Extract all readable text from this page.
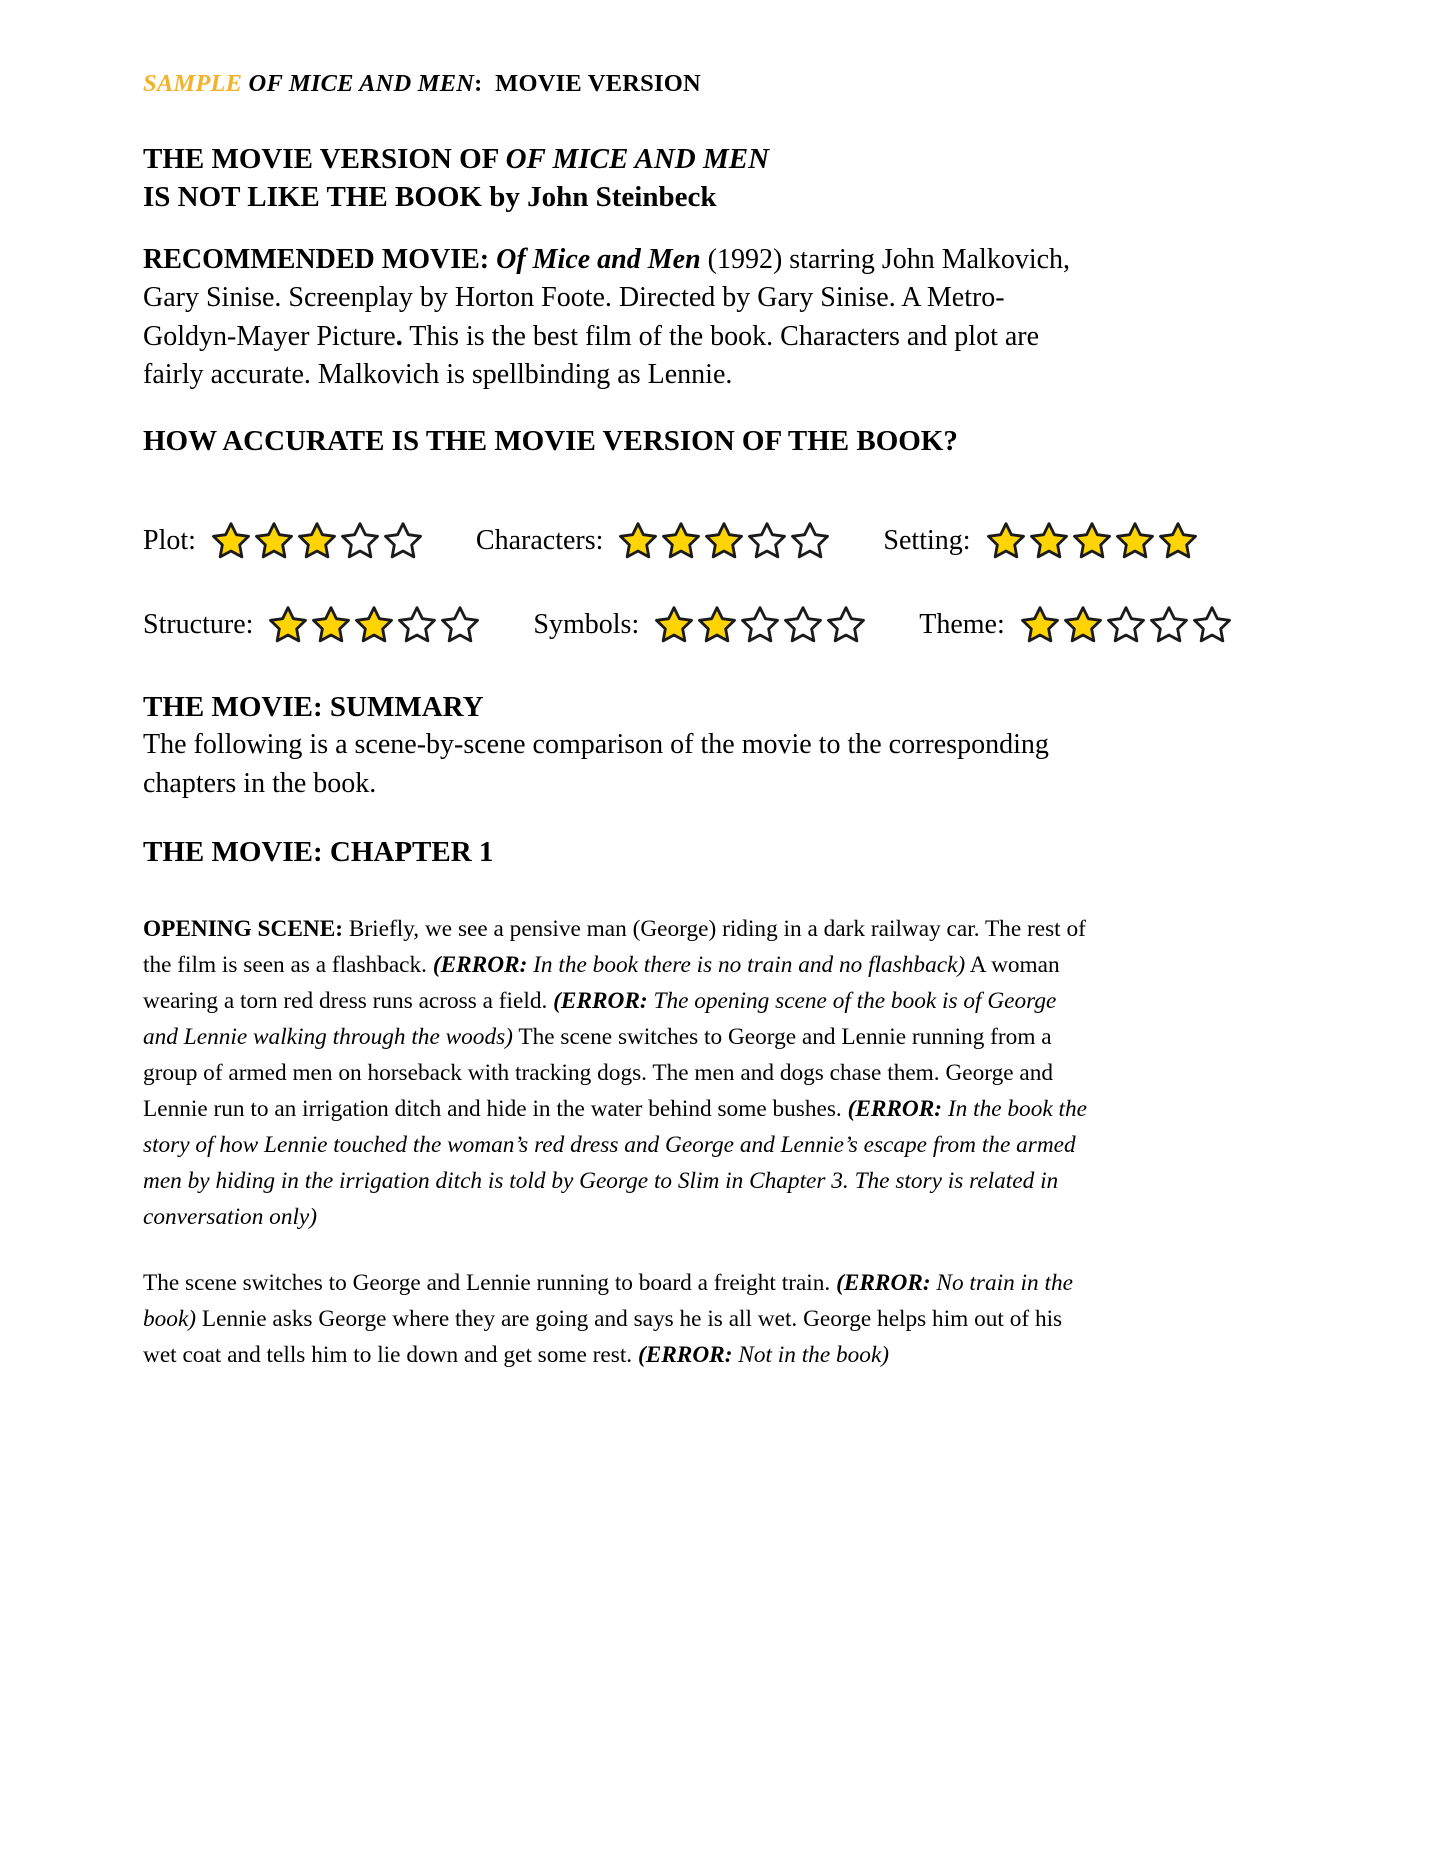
SAMPLE OF MICE AND MEN:  MOVIE VERSION
THE MOVIE VERSION OF OF MICE AND MEN
IS NOT LIKE THE BOOK by John Steinbeck

RECOMMENDED MOVIE: Of Mice and Men (1992) starring John Malkovich, Gary Sinise. Screenplay by Horton Foote. Directed by Gary Sinise. A Metro-Goldyn-Mayer Picture. This is the best film of the book. Characters and plot are fairly accurate. Malkovich is spellbinding as Lennie.

HOW ACCURATE IS THE MOVIE VERSION OF THE BOOK?
Plot:	Characters:	Setting:
Structure:	Symbols:	Theme:
THE MOVIE: SUMMARY

The following is a scene-by-scene comparison of the movie to the corresponding chapters in the book.

THE MOVIE: CHAPTER 1

OPENING SCENE: Briefly, we see a pensive man (George) riding in a dark railway car. The rest of the film is seen as a flashback. (ERROR: In the book there is no train and no flashback) A woman wearing a torn red dress runs across a field. (ERROR: The opening scene of the book is of George and Lennie walking through the woods) The scene switches to George and Lennie running from a group of armed men on horseback with tracking dogs. The men and dogs chase them. George and Lennie run to an irrigation ditch and hide in the water behind some bushes. (ERROR: In the book the story of how Lennie touched the woman’s red dress and George and Lennie’s escape from the armed men by hiding in the irrigation ditch is told by George to Slim in Chapter 3. The story is related in conversation only)

The scene switches to George and Lennie running to board a freight train. (ERROR: No train in the book) Lennie asks George where they are going and says he is all wet. George helps him out of his wet coat and tells him to lie down and get some rest. (ERROR: Not in the book)
